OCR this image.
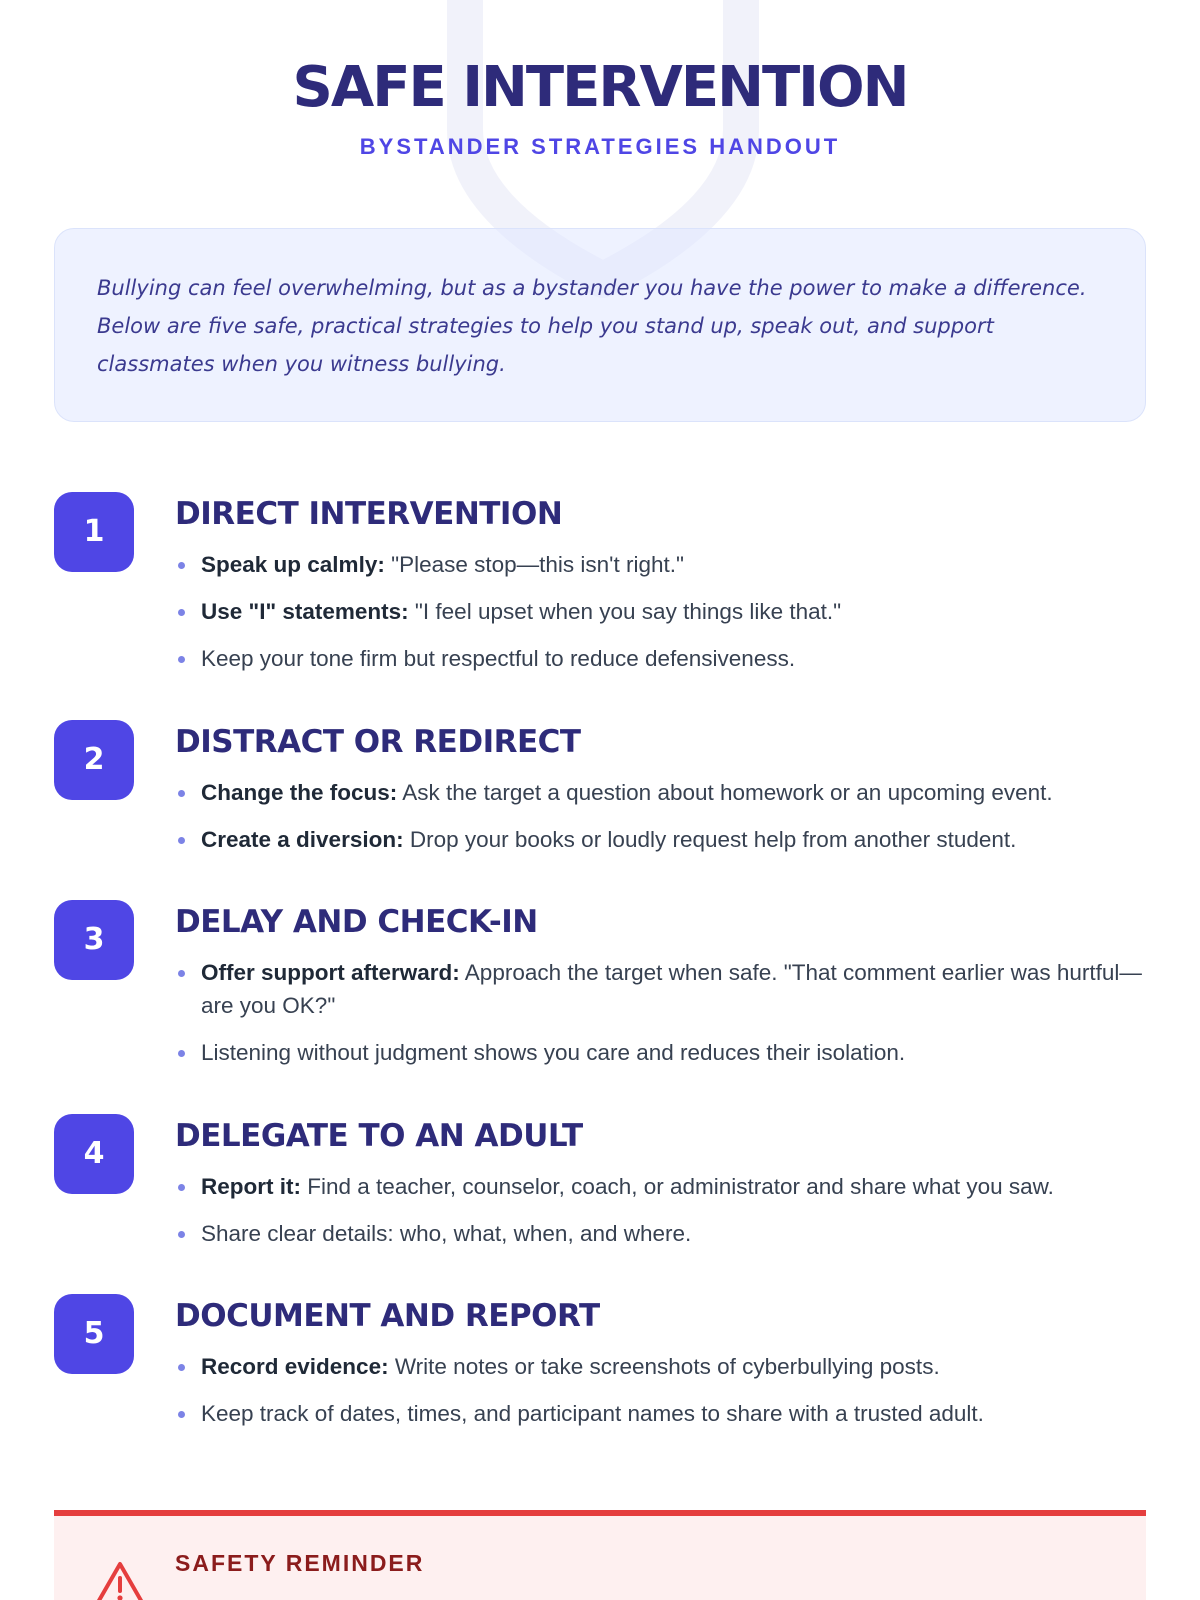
SAFE INTERVENTION
BYSTANDER STRATEGIES HANDOUT
Bullying can feel overwhelming, but as a bystander you have the power to make a difference. Below are five safe, practical strategies to help you stand up, speak out, and support classmates when you witness bullying.
1	DIRECT INTERVENTION
Speak up calmly: "Please stop—this isn't right."
Use "I" statements: "I feel upset when you say things like that."
Keep your tone firm but respectful to reduce defensiveness.
2	DISTRACT OR REDIRECT
Change the focus: Ask the target a question about homework or an upcoming event.
Create a diversion: Drop your books or loudly request help from another student.
3	DELAY AND CHECK-IN
Offer support afterward: Approach the target when safe. "That comment earlier was hurtful—are you OK?"
Listening without judgment shows you care and reduces their isolation.
4	DELEGATE TO AN ADULT
Report it: Find a teacher, counselor, coach, or administrator and share what you saw.
Share clear details: who, what, when, and where.
5	DOCUMENT AND REPORT
Record evidence: Write notes or take screenshots of cyberbullying posts.
Keep track of dates, times, and participant names to share with a trusted adult.
SAFETY REMINDER
